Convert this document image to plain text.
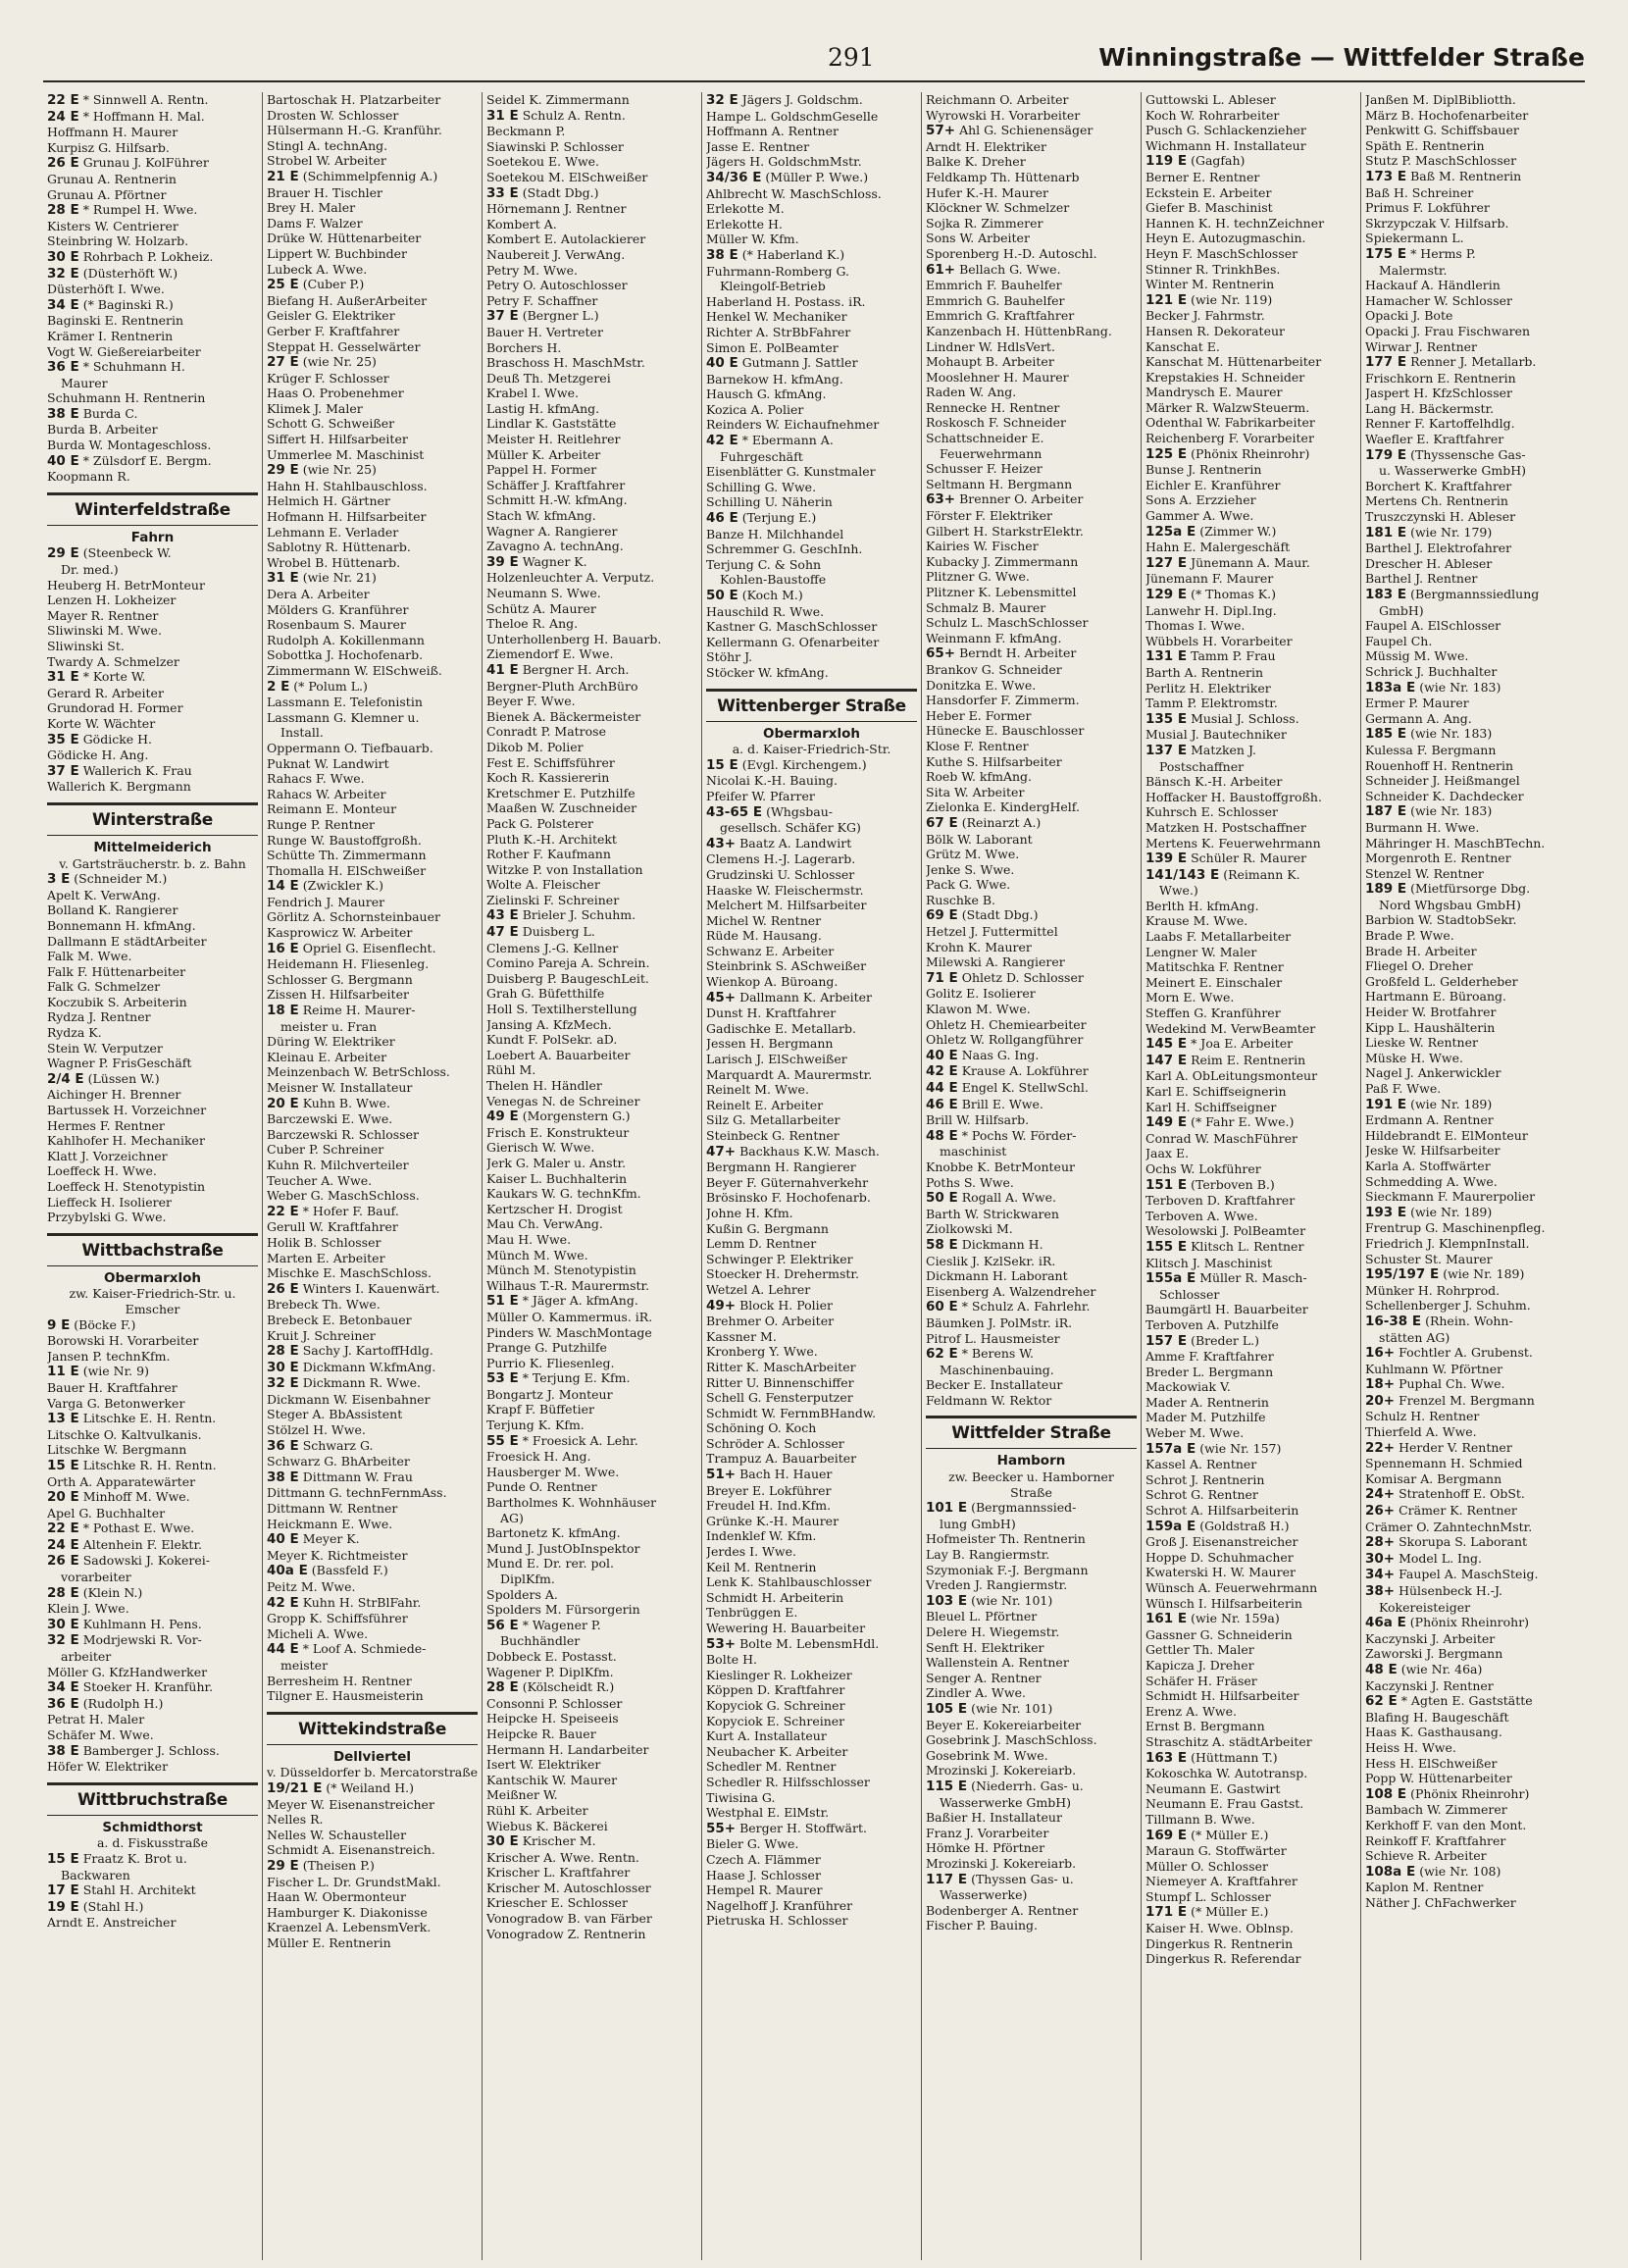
291	Winningstraße — Wittfelder Straße
22 E * Sinnwell A. Rentn.
24 E * Hoffmann H. Mal.
Hoffmann H. Maurer
Kurpisz G. Hilfsarb.
26 E Grunau J. KolFührer
Grunau A. Rentnerin
Grunau A. Pförtner
28 E * Rumpel H. Wwe.
Kisters W. Centrierer
Steinbring W. Holzarb.
30 E Rohrbach P. Lokheiz.
32 E (Düsterhöft W.)
Düsterhöft I. Wwe.
34 E (* Baginski R.)
Baginski E. Rentnerin
Krämer I. Rentnerin
Vogt W. Gießereiarbeiter
36 E * Schuhmann H.
Maurer
Schuhmann H. Rentnerin
38 E Burda C.
Burda B. Arbeiter
Burda W. Montageschloss.
40 E * Zülsdorf E. Bergm.
Koopmann R.
Winterfeldstraße
Fahrn
29 E (Steenbeck W.
Dr. med.)
Heuberg H. BetrMonteur
Lenzen H. Lokheizer
Mayer R. Rentner
Sliwinski M. Wwe.
Sliwinski St.
Twardy A. Schmelzer
31 E * Korte W.
Gerard R. Arbeiter
Grundorad H. Former
Korte W. Wächter
35 E Gödicke H.
Gödicke H. Ang.
37 E Wallerich K. Frau
Wallerich K. Bergmann
Winterstraße
Mittelmeiderich
v. Gartsträucherstr. b. z. Bahn
3 E (Schneider M.)
Apelt K. VerwAng.
Bolland K. Rangierer
Bonnemann H. kfmAng.
Dallmann E städtArbeiter
Falk M. Wwe.
Falk F. Hüttenarbeiter
Falk G. Schmelzer
Koczubik S. Arbeiterin
Rydza J. Rentner
Rydza K.
Stein W. Verputzer
Wagner P. FrisGeschäft
2/4 E (Lüssen W.)
Aichinger H. Brenner
Bartussek H. Vorzeichner
Hermes F. Rentner
Kahlhofer H. Mechaniker
Klatt J. Vorzeichner
Loeffeck H. Wwe.
Loeffeck H. Stenotypistin
Lieffeck H. Isolierer
Przybylski G. Wwe.
Wittbachstraße
Obermarxloh
zw. Kaiser-Friedrich-Str. u. Emscher
9 E (Böcke F.)
Borowski H. Vorarbeiter
Jansen P. technKfm.
11 E (wie Nr. 9)
Bauer H. Kraftfahrer
Varga G. Betonwerker
13 E Litschke E. H. Rentn.
Litschke O. Kaltvulkanis.
Litschke W. Bergmann
15 E Litschke R. H. Rentn.
Orth A. Apparatewärter
20 E Minhoff M. Wwe.
Apel G. Buchhalter
22 E * Pothast E. Wwe.
24 E Altenhein F. Elektr.
26 E Sadowski J. Kokerei-
vorarbeiter
28 E (Klein N.)
Klein J. Wwe.
30 E Kuhlmann H. Pens.
32 E Modrjewski R. Vor-
arbeiter
Möller G. KfzHandwerker
34 E Stoeker H. Kranführ.
36 E (Rudolph H.)
Petrat H. Maler
Schäfer M. Wwe.
38 E Bamberger J. Schloss.
Höfer W. Elektriker
Wittbruchstraße
Schmidthorst
a. d. Fiskusstraße
15 E Fraatz K. Brot u.
Backwaren
17 E Stahl H. Architekt
19 E (Stahl H.)
Arndt E. Anstreicher
Bartoschak H. Platzarbeiter
Drosten W. Schlosser
Hülsermann H.-G. Kranführ.
Stingl A. technAng.
Strobel W. Arbeiter
21 E (Schimmelpfennig A.)
Brauer H. Tischler
Brey H. Maler
Dams F. Walzer
Drüke W. Hüttenarbeiter
Lippert W. Buchbinder
Lubeck A. Wwe.
25 E (Cuber P.)
Biefang H. AußerArbeiter
Geisler G. Elektriker
Gerber F. Kraftfahrer
Steppat H. Gesselwärter
27 E (wie Nr. 25)
Krüger F. Schlosser
Haas O. Probenehmer
Klimek J. Maler
Schott G. Schweißer
Siffert H. Hilfsarbeiter
Ummerlee M. Maschinist
29 E (wie Nr. 25)
Hahn H. Stahlbauschloss.
Helmich H. Gärtner
Hofmann H. Hilfsarbeiter
Lehmann E. Verlader
Sablotny R. Hüttenarb.
Wrobel B. Hüttenarb.
31 E (wie Nr. 21)
Dera A. Arbeiter
Mölders G. Kranführer
Rosenbaum S. Maurer
Rudolph A. Kokillenmann
Sobottka J. Hochofenarb.
Zimmermann W. ElSchweiß.
2 E (* Polum L.)
Lassmann E. Telefonistin
Lassmann G. Klemner u.
Install.
Oppermann O. Tiefbauarb.
Puknat W. Landwirt
Rahacs F. Wwe.
Rahacs W. Arbeiter
Reimann E. Monteur
Runge P. Rentner
Runge W. Baustoffgroßh.
Schütte Th. Zimmermann
Thomalla H. ElSchweißer
14 E (Zwickler K.)
Fendrich J. Maurer
Görlitz A. Schornsteinbauer
Kasprowicz W. Arbeiter
16 E Opriel G. Eisenflecht.
Heidemann H. Fliesenleg.
Schlosser G. Bergmann
Zissen H. Hilfsarbeiter
18 E Reime H. Maurer-
meister u. Fran
Düring W. Elektriker
Kleinau E. Arbeiter
Meinzenbach W. BetrSchloss.
Meisner W. Installateur
20 E Kuhn B. Wwe.
Barczewski E. Wwe.
Barczewski R. Schlosser
Cuber P. Schreiner
Kuhn R. Milchverteiler
Teucher A. Wwe.
Weber G. MaschSchloss.
22 E * Hofer F. Bauf.
Gerull W. Kraftfahrer
Holik B. Schlosser
Marten E. Arbeiter
Mischke E. MaschSchloss.
26 E Winters I. Kauenwärt.
Brebeck Th. Wwe.
Brebeck E. Betonbauer
Kruit J. Schreiner
28 E Sachy J. KartoffHdlg.
30 E Dickmann W.kfmAng.
32 E Dickmann R. Wwe.
Dickmann W. Eisenbahner
Steger A. BbAssistent
Stölzel H. Wwe.
36 E Schwarz G.
Schwarz G. BhArbeiter
38 E Dittmann W. Frau
Dittmann G. technFernmAss.
Dittmann W. Rentner
Heickmann E. Wwe.
40 E Meyer K.
Meyer K. Richtmeister
40a E (Bassfeld F.)
Peitz M. Wwe.
42 E Kuhn H. StrBlFahr.
Gropp K. Schiffsführer
Micheli A. Wwe.
44 E * Loof A. Schmiede-
meister
Berresheim H. Rentner
Tilgner E. Hausmeisterin
Wittekindstraße
Dellviertel
v. Düsseldorfer b. Mercatorstraße
19/21 E (* Weiland H.)
Meyer W. Eisenanstreicher
Nelles R.
Nelles W. Schausteller
Schmidt A. Eisenanstreich.
29 E (Theisen P.)
Fischer L. Dr. GrundstMakl.
Haan W. Obermonteur
Hamburger K. Diakonisse
Kraenzel A. LebensmVerk.
Müller E. Rentnerin
Seidel K. Zimmermann
31 E Schulz A. Rentn.
Beckmann P.
Siawinski P. Schlosser
Soetekou E. Wwe.
Soetekou M. ElSchweißer
33 E (Stadt Dbg.)
Hörnemann J. Rentner
Kombert A.
Kombert E. Autolackierer
Naubereit J. VerwAng.
Petry M. Wwe.
Petry O. Autoschlosser
Petry F. Schaffner
37 E (Bergner L.)
Bauer H. Vertreter
Borchers H.
Braschoss H. MaschMstr.
Deuß Th. Metzgerei
Krabel I. Wwe.
Lastig H. kfmAng.
Lindlar K. Gaststätte
Meister H. Reitlehrer
Müller K. Arbeiter
Pappel H. Former
Schäffer J. Kraftfahrer
Schmitt H.-W. kfmAng.
Stach W. kfmAng.
Wagner A. Rangierer
Zavagno A. technAng.
39 E Wagner K.
Holzenleuchter A. Verputz.
Neumann S. Wwe.
Schütz A. Maurer
Theloe R. Ang.
Unterhollenberg H. Bauarb.
Ziemendorf E. Wwe.
41 E Bergner H. Arch.
Bergner-Pluth ArchBüro
Beyer F. Wwe.
Bienek A. Bäckermeister
Conradt P. Matrose
Dikob M. Polier
Fest E. Schiffsführer
Koch R. Kassiererin
Kretschmer E. Putzhilfe
Maaßen W. Zuschneider
Pack G. Polsterer
Pluth K.-H. Architekt
Rother F. Kaufmann
Witzke P. von Installation
Wolte A. Fleischer
Zielinski F. Schreiner
43 E Brieler J. Schuhm.
47 E Duisberg L.
Clemens J.-G. Kellner
Comino Pareja A. Schrein.
Duisberg P. BaugeschLeit.
Grah G. Büfetthilfe
Holl S. Textilherstellung
Jansing A. KfzMech.
Kundt F. PolSekr. aD.
Loebert A. Bauarbeiter
Rühl M.
Thelen H. Händler
Venegas N. de Schreiner
49 E (Morgenstern G.)
Frisch E. Konstrukteur
Gierisch W. Wwe.
Jerk G. Maler u. Anstr.
Kaiser L. Buchhalterin
Kaukars W. G. technKfm.
Kertzscher H. Drogist
Mau Ch. VerwAng.
Mau H. Wwe.
Münch M. Wwe.
Münch M. Stenotypistin
Wilhaus T.-R. Maurermstr.
51 E * Jäger A. kfmAng.
Müller O. Kammermus. iR.
Pinders W. MaschMontage
Prange G. Putzhilfe
Purrio K. Fliesenleg.
53 E * Terjung E. Kfm.
Bongartz J. Monteur
Krapf F. Büffetier
Terjung K. Kfm.
55 E * Froesick A. Lehr.
Froesick H. Ang.
Hausberger M. Wwe.
Punde O. Rentner
Bartholmes K. Wohnhäuser
AG)
Bartonetz K. kfmAng.
Mund J. JustObInspektor
Mund E. Dr. rer. pol.
DiplKfm.
Spolders A.
Spolders M. Fürsorgerin
56 E * Wagener P.
Buchhändler
Dobbeck E. Postasst.
Wagener P. DiplKfm.
28 E (Kölscheidt R.)
Consonni P. Schlosser
Heipcke H. Speiseeis
Heipcke R. Bauer
Hermann H. Landarbeiter
Isert W. Elektriker
Kantschik W. Maurer
Meißner W.
Rühl K. Arbeiter
Wiebus K. Bäckerei
30 E Krischer M.
Krischer A. Wwe. Rentn.
Krischer L. Kraftfahrer
Krischer M. Autoschlosser
Kriescher E. Schlosser
Vonogradow B. van Färber
Vonogradow Z. Rentnerin
32 E Jägers J. Goldschm.
Hampe L. GoldschmGeselle
Hoffmann A. Rentner
Jasse E. Rentner
Jägers H. GoldschmMstr.
34/36 E (Müller P. Wwe.)
Ahlbrecht W. MaschSchloss.
Erlekotte M.
Erlekotte H.
Müller W. Kfm.
38 E (* Haberland K.)
Fuhrmann-Romberg G.
Kleingolf-Betrieb
Haberland H. Postass. iR.
Henkel W. Mechaniker
Richter A. StrBbFahrer
Simon E. PolBeamter
40 E Gutmann J. Sattler
Barnekow H. kfmAng.
Hausch G. kfmAng.
Kozica A. Polier
Reinders W. Eichaufnehmer
42 E * Ebermann A.
Fuhrgeschäft
Eisenblätter G. Kunstmaler
Schilling G. Wwe.
Schilling U. Näherin
46 E (Terjung E.)
Banze H. Milchhandel
Schremmer G. GeschInh.
Terjung C. & Sohn
Kohlen-Baustoffe
50 E (Koch M.)
Hauschild R. Wwe.
Kastner G. MaschSchlosser
Kellermann G. Ofenarbeiter
Stöhr J.
Stöcker W. kfmAng.
Wittenberger Straße
Obermarxloh
a. d. Kaiser-Friedrich-Str.
15 E (Evgl. Kirchengem.)
Nicolai K.-H. Bauing.
Pfeifer W. Pfarrer
43-65 E (Whgsbau-
gesellsch. Schäfer KG)
43+ Baatz A. Landwirt
Clemens H.-J. Lagerarb.
Grudzinski U. Schlosser
Haaske W. Fleischermstr.
Melchert M. Hilfsarbeiter
Michel W. Rentner
Rüde M. Hausang.
Schwanz E. Arbeiter
Steinbrink S. ASchweißer
Wienkop A. Büroang.
45+ Dallmann K. Arbeiter
Dunst H. Kraftfahrer
Gadischke E. Metallarb.
Jessen H. Bergmann
Larisch J. ElSchweißer
Marquardt A. Maurermstr.
Reinelt M. Wwe.
Reinelt E. Arbeiter
Silz G. Metallarbeiter
Steinbeck G. Rentner
47+ Backhaus K.W. Masch.
Bergmann H. Rangierer
Beyer F. Güternahverkehr
Brösinsko F. Hochofenarb.
Johne H. Kfm.
Kußin G. Bergmann
Lemm D. Rentner
Schwinger P. Elektriker
Stoecker H. Drehermstr.
Wetzel A. Lehrer
49+ Block H. Polier
Brehmer O. Arbeiter
Kassner M.
Kronberg Y. Wwe.
Ritter K. MaschArbeiter
Ritter U. Binnenschiffer
Schell G. Fensterputzer
Schmidt W. FernmBHandw.
Schöning O. Koch
Schröder A. Schlosser
Trampuz A. Bauarbeiter
51+ Bach H. Hauer
Breyer E. Lokführer
Freudel H. Ind.Kfm.
Grünke K.-H. Maurer
Indenklef W. Kfm.
Jerdes I. Wwe.
Keil M. Rentnerin
Lenk K. Stahlbauschlosser
Schmidt H. Arbeiterin
Tenbrüggen E.
Wewering H. Bauarbeiter
53+ Bolte M. LebensmHdl.
Bolte H.
Kieslinger R. Lokheizer
Köppen D. Kraftfahrer
Kopyciok G. Schreiner
Kopyciok E. Schreiner
Kurt A. Installateur
Neubacher K. Arbeiter
Schedler M. Rentner
Schedler R. Hilfsschlosser
Tiwisina G.
Westphal E. ElMstr.
55+ Berger H. Stoffwärt.
Bieler G. Wwe.
Czech A. Flämmer
Haase J. Schlosser
Hempel R. Maurer
Nagelhoff J. Kranführer
Pietruska H. Schlosser
Reichmann O. Arbeiter
Wyrowski H. Vorarbeiter
57+ Ahl G. Schienensäger
Arndt H. Elektriker
Balke K. Dreher
Feldkamp Th. Hüttenarb
Hufer K.-H. Maurer
Klöckner W. Schmelzer
Sojka R. Zimmerer
Sons W. Arbeiter
Sporenberg H.-D. Autoschl.
61+ Bellach G. Wwe.
Emmrich F. Bauhelfer
Emmrich G. Bauhelfer
Emmrich G. Kraftfahrer
Kanzenbach H. HüttenbRang.
Lindner W. HdlsVert.
Mohaupt B. Arbeiter
Mooslehner H. Maurer
Raden W. Ang.
Rennecke H. Rentner
Roskosch F. Schneider
Schattschneider E.
Feuerwehrmann
Schusser F. Heizer
Seltmann H. Bergmann
63+ Brenner O. Arbeiter
Förster F. Elektriker
Gilbert H. StarkstrElektr.
Kairies W. Fischer
Kubacky J. Zimmermann
Plitzner G. Wwe.
Plitzner K. Lebensmittel
Schmalz B. Maurer
Schulz L. MaschSchlosser
Weinmann F. kfmAng.
65+ Berndt H. Arbeiter
Brankov G. Schneider
Donitzka E. Wwe.
Hansdorfer F. Zimmerm.
Heber E. Former
Hünecke E. Bauschlosser
Klose F. Rentner
Kuthe S. Hilfsarbeiter
Roeb W. kfmAng.
Sita W. Arbeiter
Zielonka E. KindergHelf.
67 E (Reinarzt A.)
Bölk W. Laborant
Grütz M. Wwe.
Jenke S. Wwe.
Pack G. Wwe.
Ruschke B.
69 E (Stadt Dbg.)
Hetzel J. Futtermittel
Krohn K. Maurer
Milewski A. Rangierer
71 E Ohletz D. Schlosser
Golitz E. Isolierer
Klawon M. Wwe.
Ohletz H. Chemiearbeiter
Ohletz W. Rollgangführer
40 E Naas G. Ing.
42 E Krause A. Lokführer
44 E Engel K. StellwSchl.
46 E Brill E. Wwe.
Brill W. Hilfsarb.
48 E * Pochs W. Förder-
maschinist
Knobbe K. BetrMonteur
Poths S. Wwe.
50 E Rogall A. Wwe.
Barth W. Strickwaren
Ziolkowski M.
58 E Dickmann H.
Cieslik J. KzlSekr. iR.
Dickmann H. Laborant
Eisenberg A. Walzendreher
60 E * Schulz A. Fahrlehr.
Bäumken J. PolMstr. iR.
Pitrof L. Hausmeister
62 E * Berens W.
Maschinenbauing.
Becker E. Installateur
Feldmann W. Rektor
Wittfelder Straße
Hamborn
zw. Beecker u. Hamborner Straße
101 E (Bergmannssied-
lung GmbH)
Hofmeister Th. Rentnerin
Lay B. Rangiermstr.
Szymoniak F.-J. Bergmann
Vreden J. Rangiermstr.
103 E (wie Nr. 101)
Bleuel L. Pförtner
Delere H. Wiegemstr.
Senft H. Elektriker
Wallenstein A. Rentner
Senger A. Rentner
Zindler A. Wwe.
105 E (wie Nr. 101)
Beyer E. Kokereiarbeiter
Gosebrink J. MaschSchloss.
Gosebrink M. Wwe.
Mrozinski J. Kokereiarb.
115 E (Niederrh. Gas- u.
Wasserwerke GmbH)
Baßier H. Installateur
Franz J. Vorarbeiter
Hömke H. Pförtner
Mrozinski J. Kokereiarb.
117 E (Thyssen Gas- u.
Wasserwerke)
Bodenberger A. Rentner
Fischer P. Bauing.
Guttowski L. Ableser
Koch W. Rohrarbeiter
Pusch G. Schlackenzieher
Wichmann H. Installateur
119 E (Gagfah)
Berner E. Rentner
Eckstein E. Arbeiter
Giefer B. Maschinist
Hannen K. H. technZeichner
Heyn E. Autozugmaschin.
Heyn F. MaschSchlosser
Stinner R. TrinkhBes.
Winter M. Rentnerin
121 E (wie Nr. 119)
Becker J. Fahrmstr.
Hansen R. Dekorateur
Kanschat E.
Kanschat M. Hüttenarbeiter
Krepstakies H. Schneider
Mandrysch E. Maurer
Märker R. WalzwSteuerm.
Odenthal W. Fabrikarbeiter
Reichenberg F. Vorarbeiter
125 E (Phönix Rheinrohr)
Bunse J. Rentnerin
Eichler E. Kranführer
Sons A. Erzzieher
Gammer A. Wwe.
125a E (Zimmer W.)
Hahn E. Malergeschäft
127 E Jünemann A. Maur.
Jünemann F. Maurer
129 E (* Thomas K.)
Lanwehr H. Dipl.Ing.
Thomas I. Wwe.
Wübbels H. Vorarbeiter
131 E Tamm P. Frau
Barth A. Rentnerin
Perlitz H. Elektriker
Tamm P. Elektromstr.
135 E Musial J. Schloss.
Musial J. Bautechniker
137 E Matzken J.
Postschaffner
Bänsch K.-H. Arbeiter
Hoffacker H. Baustoffgroßh.
Kuhrsch E. Schlosser
Matzken H. Postschaffner
Mertens K. Feuerwehrmann
139 E Schüler R. Maurer
141/143 E (Reimann K.
Wwe.)
Berlth H. kfmAng.
Krause M. Wwe.
Laabs F. Metallarbeiter
Lengner W. Maler
Matitschka F. Rentner
Meinert E. Einschaler
Morn E. Wwe.
Steffen G. Kranführer
Wedekind M. VerwBeamter
145 E * Joa E. Arbeiter
147 E Reim E. Rentnerin
Karl A. ObLeitungsmonteur
Karl E. Schiffseignerin
Karl H. Schiffseigner
149 E (* Fahr E. Wwe.)
Conrad W. MaschFührer
Jaax E.
Ochs W. Lokführer
151 E (Terboven B.)
Terboven D. Kraftfahrer
Terboven A. Wwe.
Wesolowski J. PolBeamter
155 E Klitsch L. Rentner
Klitsch J. Maschinist
155a E Müller R. Masch-
Schlosser
Baumgärtl H. Bauarbeiter
Terboven A. Putzhilfe
157 E (Breder L.)
Amme F. Kraftfahrer
Breder L. Bergmann
Mackowiak V.
Mader A. Rentnerin
Mader M. Putzhilfe
Weber M. Wwe.
157a E (wie Nr. 157)
Kassel A. Rentner
Schrot J. Rentnerin
Schrot G. Rentner
Schrot A. Hilfsarbeiterin
159a E (Goldstraß H.)
Groß J. Eisenanstreicher
Hoppe D. Schuhmacher
Kwaterski H. W. Maurer
Wünsch A. Feuerwehrmann
Wünsch I. Hilfsarbeiterin
161 E (wie Nr. 159a)
Gassner G. Schneiderin
Gettler Th. Maler
Kapicza J. Dreher
Schäfer H. Fräser
Schmidt H. Hilfsarbeiter
Erenz A. Wwe.
Ernst B. Bergmann
Straschitz A. städtArbeiter
163 E (Hüttmann T.)
Kokoschka W. Autotransp.
Neumann E. Gastwirt
Neumann E. Frau Gastst.
Tillmann B. Wwe.
169 E (* Müller E.)
Maraun G. Stoffwärter
Müller O. Schlosser
Niemeyer A. Kraftfahrer
Stumpf L. Schlosser
171 E (* Müller E.)
Kaiser H. Wwe. Oblnsp.
Dingerkus R. Rentnerin
Dingerkus R. Referendar
Janßen M. DiplBibliotth.
März B. Hochofenarbeiter
Penkwitt G. Schiffsbauer
Späth E. Rentnerin
Stutz P. MaschSchlosser
173 E Baß M. Rentnerin
Baß H. Schreiner
Primus F. Lokführer
Skrzypczak V. Hilfsarb.
Spiekermann L.
175 E * Herms P.
Malermstr.
Hackauf A. Händlerin
Hamacher W. Schlosser
Opacki J. Bote
Opacki J. Frau Fischwaren
Wirwar J. Rentner
177 E Renner J. Metallarb.
Frischkorn E. Rentnerin
Jaspert H. KfzSchlosser
Lang H. Bäckermstr.
Renner F. Kartoffelhdlg.
Waefler E. Kraftfahrer
179 E (Thyssensche Gas-
u. Wasserwerke GmbH)
Borchert K. Kraftfahrer
Mertens Ch. Rentnerin
Truszczynski H. Ableser
181 E (wie Nr. 179)
Barthel J. Elektrofahrer
Drescher H. Ableser
Barthel J. Rentner
183 E (Bergmannssiedlung
GmbH)
Faupel A. ElSchlosser
Faupel Ch.
Müssig M. Wwe.
Schrick J. Buchhalter
183a E (wie Nr. 183)
Ermer P. Maurer
Germann A. Ang.
185 E (wie Nr. 183)
Kulessa F. Bergmann
Rouenhoff H. Rentnerin
Schneider J. Heißmangel
Schneider K. Dachdecker
187 E (wie Nr. 183)
Burmann H. Wwe.
Mähringer H. MaschBTechn.
Morgenroth E. Rentner
Stenzel W. Rentner
189 E (Mietfürsorge Dbg.
Nord Whgsbau GmbH)
Barbion W. StadtobSekr.
Brade P. Wwe.
Brade H. Arbeiter
Fliegel O. Dreher
Großfeld L. Gelderheber
Hartmann E. Büroang.
Heider W. Brotfahrer
Kipp L. Haushälterin
Lieske W. Rentner
Müske H. Wwe.
Nagel J. Ankerwickler
Paß F. Wwe.
191 E (wie Nr. 189)
Erdmann A. Rentner
Hildebrandt E. ElMonteur
Jeske W. Hilfsarbeiter
Karla A. Stoffwärter
Schmedding A. Wwe.
Sieckmann F. Maurerpolier
193 E (wie Nr. 189)
Frentrup G. Maschinenpfleg.
Friedrich J. KlempnInstall.
Schuster St. Maurer
195/197 E (wie Nr. 189)
Münker H. Rohrprod.
Schellenberger J. Schuhm.
16-38 E (Rhein. Wohn-
stätten AG)
16+ Fochtler A. Grubenst.
Kuhlmann W. Pförtner
18+ Puphal Ch. Wwe.
20+ Frenzel M. Bergmann
Schulz H. Rentner
Thierfeld A. Wwe.
22+ Herder V. Rentner
Spennemann H. Schmied
Komisar A. Bergmann
24+ Stratenhoff E. ObSt.
26+ Crämer K. Rentner
Crämer O. ZahntechnMstr.
28+ Skorupa S. Laborant
30+ Model L. Ing.
34+ Faupel A. MaschSteig.
38+ Hülsenbeck H.-J.
Kokereisteiger
46a E (Phönix Rheinrohr)
Kaczynski J. Arbeiter
Zaworski J. Bergmann
48 E (wie Nr. 46a)
Kaczynski J. Rentner
62 E * Agten E. Gaststätte
Blafing H. Baugeschäft
Haas K. Gasthausang.
Heiss H. Wwe.
Hess H. ElSchweißer
Popp W. Hüttenarbeiter
108 E (Phönix Rheinrohr)
Bambach W. Zimmerer
Kerkhoff F. van den Mont.
Reinkoff F. Kraftfahrer
Schieve R. Arbeiter
108a E (wie Nr. 108)
Kaplon M. Rentner
Näther J. ChFachwerker
